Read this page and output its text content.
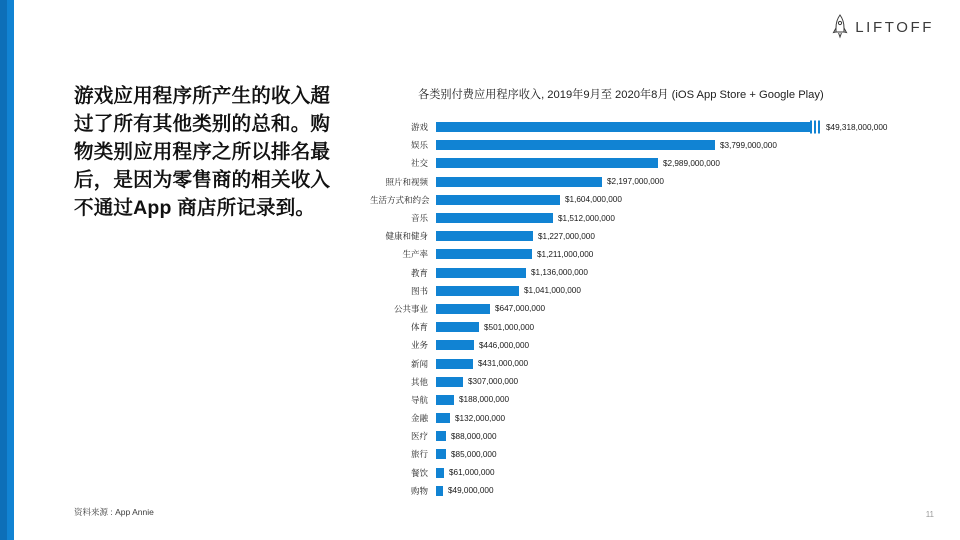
LIFTOFF
游戏应用程序所产生的收入超过了所有其他类别的总和。购物类别应用程序之所以排名最后，是因为零售商的相关收入不通过App 商店所记录到。
资料来源 : App Annie	11
各类别付费应用程序收入, 2019年9月至 2020年8月 (iOS App Store + Google Play)
游戏	$49,318,000,000
娱乐	$3,799,000,000
社交	$2,989,000,000
照片和视频	$2,197,000,000
生活方式和约会	$1,604,000,000
音乐	$1,512,000,000
健康和健身	$1,227,000,000
生产率	$1,211,000,000
教育	$1,136,000,000
图书	$1,041,000,000
公共事业	$647,000,000
体育	$501,000,000
业务	$446,000,000
新闻	$431,000,000
其他	$307,000,000
导航	$188,000,000
金融	$132,000,000
医疗	$88,000,000
旅行	$85,000,000
餐饮	$61,000,000
购物	$49,000,000
